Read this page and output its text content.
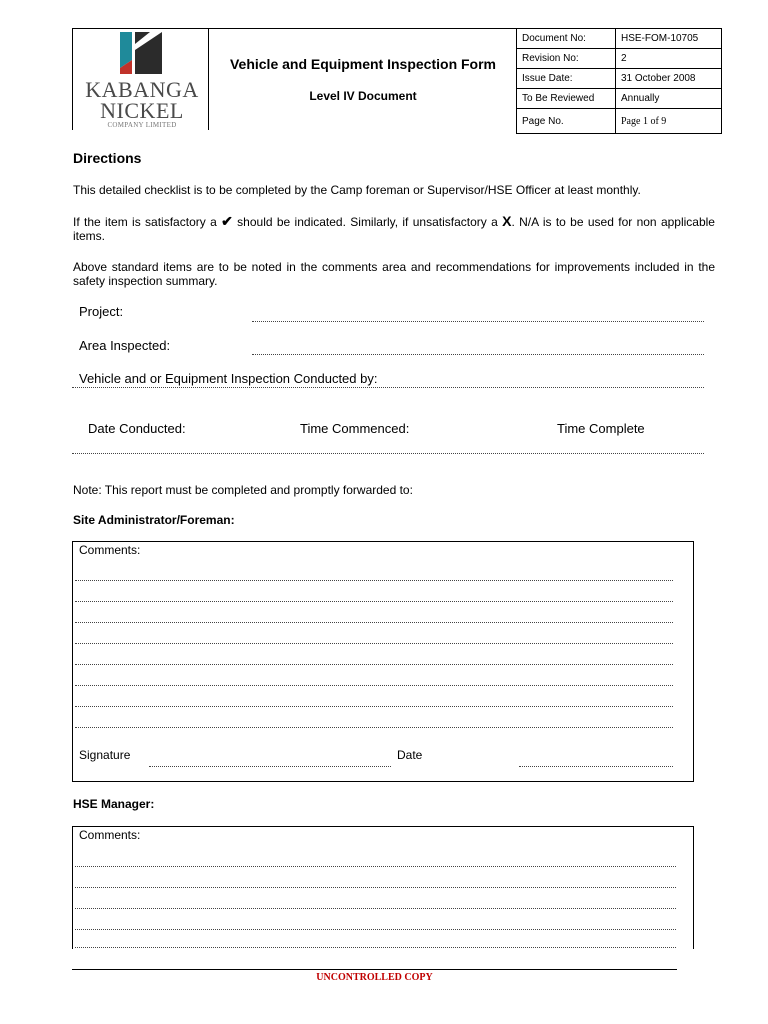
KABANGA
NICKEL
COMPANY LIMITED
Vehicle and Equipment Inspection Form
Level IV Document
Document No:	HSE-FOM-10705
Revision No:	2
Issue Date:	31 October 2008
To Be Reviewed	Annually
Page No.	Page 1 of 9
Directions
This detailed checklist is to be completed by the Camp foreman or Supervisor/HSE Officer at least monthly.
If the item is satisfactory a ✔ should be indicated. Similarly, if unsatisfactory a X. N/A is to be used for non applicable items.
Above standard items are to be noted in the comments area and recommendations for improvements included in the safety inspection summary.
Project:
Area Inspected:
Vehicle and or Equipment Inspection Conducted by:
Date Conducted:	Time Commenced:	Time Complete
Note: This report must be completed and promptly forwarded to:
Site Administrator/Foreman:
Comments:
Signature	Date
HSE Manager:
Comments:
UNCONTROLLED COPY
